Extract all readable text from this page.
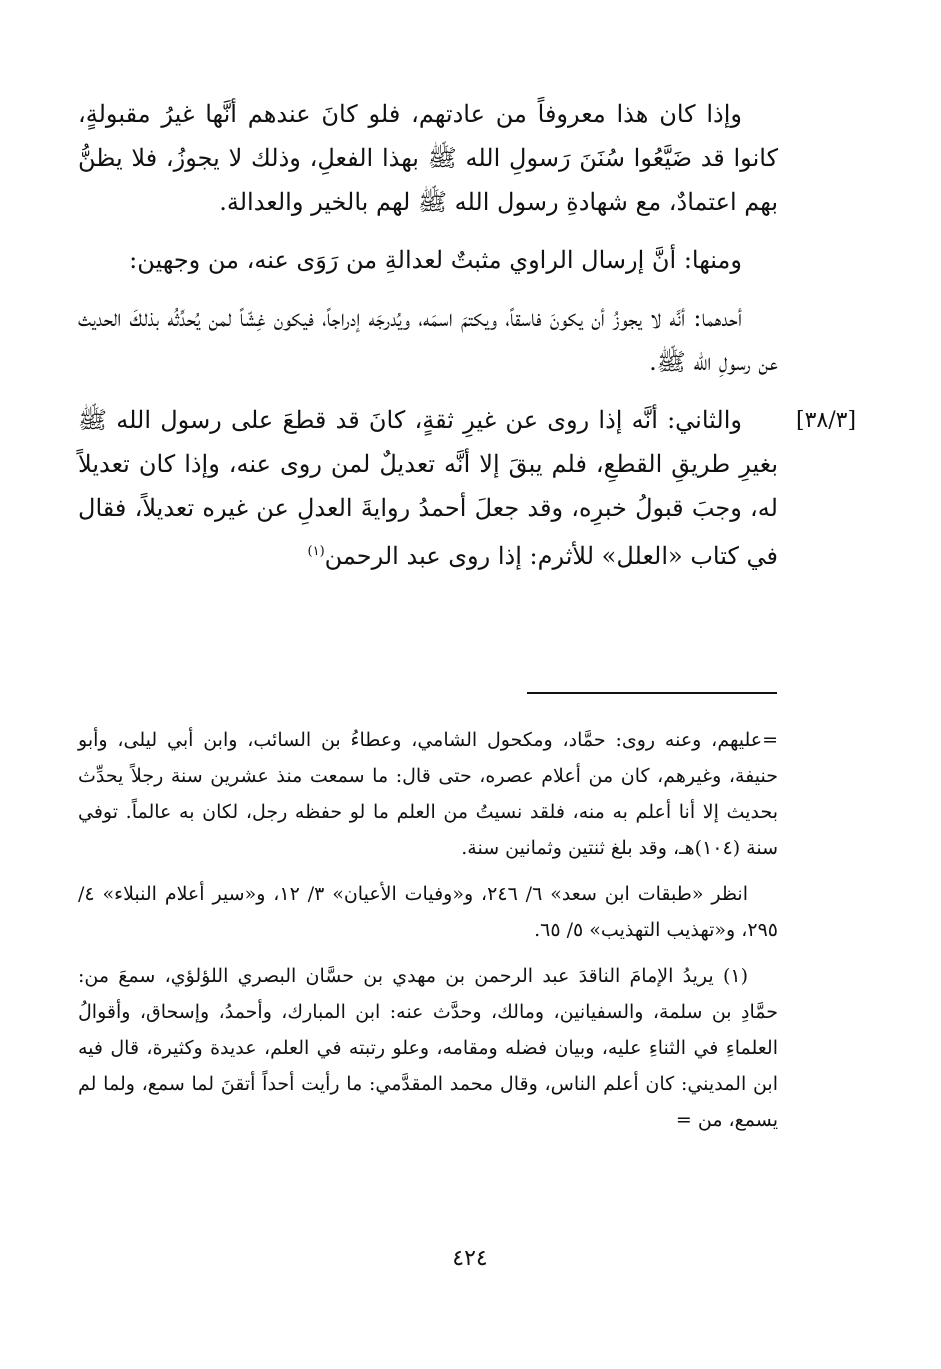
وإذا كان هذا معروفاً من عادتهم، فلو كانَ عندهم أنَّها غيرُ مقبولةٍ، كانوا قد ضَيَّعُوا سُنَنَ رَسولِ الله ﷺ بهذا الفعلِ، وذلك لا يجوزُ، فلا يظنُّ بهم اعتمادٌ، مع شهادةِ رسول الله ﷺ لهم بالخير والعدالة.

ومنها: أنَّ إرسال الراوي مثبتٌ لعدالةِ من رَوَى عنه، من وجهين:

أحدهما: أنَّه لا يجوزُ أن يكونَ فاسقاً، ويكتمَ اسمَه، ويُدرجَه إدراجاً، فيكون غِشّاً لمن يُحدِّثُه بذلكَ الحديث عن رسولِ الله ﷺ.

والثاني: أنَّه إذا روى عن غيرِ ثقةٍ، كانَ قد قطعَ على رسول الله ﷺ بغيرِ طريقِ القطعِ، فلم يبقَ إلا أنَّه تعديلٌ لمن روى عنه، وإذا كان تعديلاً له، وجبَ قبولُ خبرِه، وقد جعلَ أحمدُ روايةَ العدلِ عن غيره تعديلاً، فقال في كتاب «العلل» للأثرم: إذا روى عبد الرحمن$^{(١)}$

[٣٨/٣]

=عليهم، وعنه روى: حمَّاد، ومكحول الشامي، وعطاءُ بن السائب، وابن أبي ليلى، وأبو حنيفة، وغيرهم، كان من أعلام عصره، حتى قال: ما سمعت منذ عشرين سنة رجلاً يحدِّث بحديث إلا أنا أعلم به منه، فلقد نسيتُ من العلم ما لو حفظه رجل، لكان به عالماً. توفي سنة (١٠٤)هـ، وقد بلغ ثنتين وثمانين سنة.

انظر «طبقات ابن سعد» ٦/ ٢٤٦، و«وفيات الأعيان» ٣/ ١٢، و«سير أعلام النبلاء» ٤/ ٢٩٥، و«تهذيب التهذيب» ٥/ ٦٥.

(١) يريدُ الإمامَ الناقدَ عبد الرحمن بن مهدي بن حسَّان البصري اللؤلؤي، سمعَ من: حمَّادِ بن سلمة، والسفيانين، ومالك، وحدَّث عنه: ابن المبارك، وأحمدُ، وإسحاق، وأقوالُ العلماءِ في الثناءِ عليه، وبيان فضله ومقامه، وعلو رتبته في العلم، عديدة وكثيرة، قال فيه ابن المديني: كان أعلم الناس، وقال محمد المقدَّمي: ما رأيت أحداً أتقنَ لما سمع، ولما لم يسمع، من =

٤٢٤
